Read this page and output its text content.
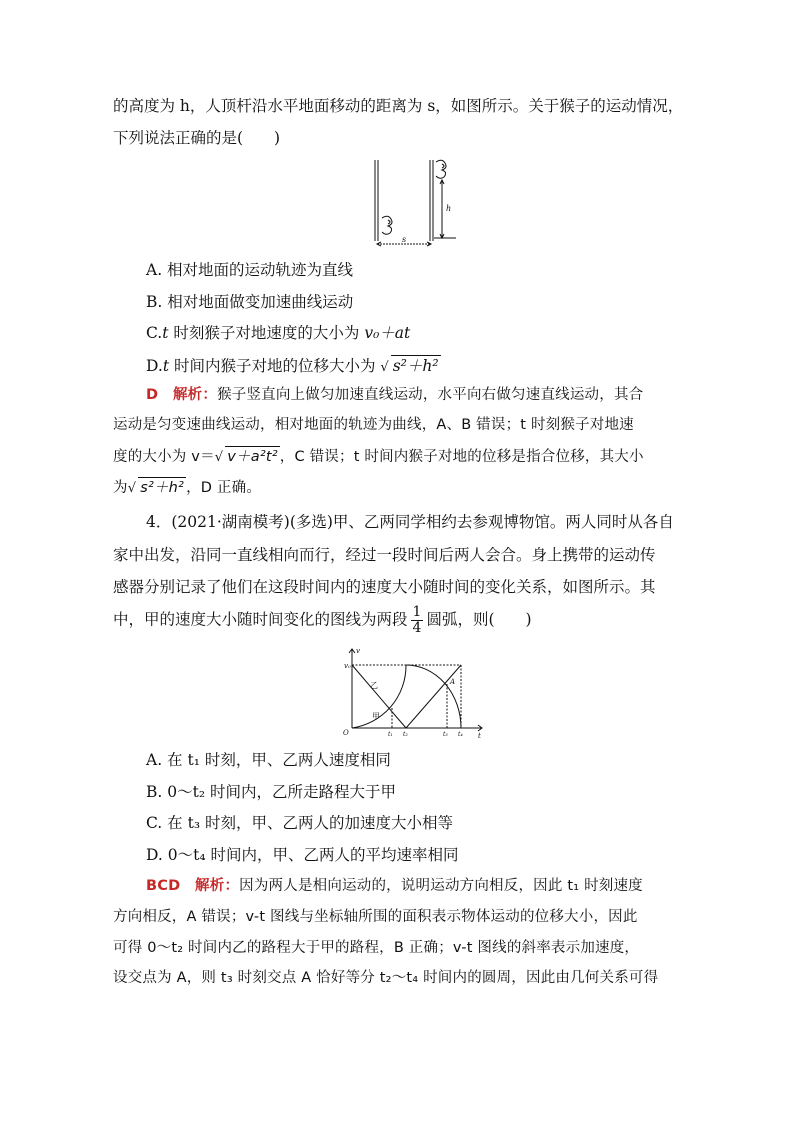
的高度为 h，人顶杆沿水平地面移动的距离为 s，如图所示。关于猴子的运动情况，
下列说法正确的是(　　)
h
s
A. 相对地面的运动轨迹为直线
B. 相对地面做变加速曲线运动
C.t 时刻猴子对地速度的大小为 v₀＋at
D.t 时间内猴子对地的位移大小为 √ s²＋h²
D　 解析：猴子竖直向上做匀加速直线运动，水平向右做匀速直线运动，其合
运动是匀变速曲线运动，相对地面的轨迹为曲线，A、B 错误；t 时刻猴子对地速
度的大小为 v＝√ v＋a²t² ，C 错误；t 时间内猴子对地的位移是指合位移，其大小
为√ s²＋h² ，D 正确。
4．(2021·湖南模考)(多选)甲、乙两同学相约去参观博物馆。两人同时从各自
家中出发，沿同一直线相向而行，经过一段时间后两人会合。身上携带的运动传
感器分别记录了他们在这段时间内的速度大小随时间的变化关系，如图所示。其
中，甲的速度大小随时间变化的图线为两段 $\frac{1}{4}$ 圆弧，则(　　)
v₀
v
t
O
乙
甲
A
t₁ t₂	t₃ t₄
A. 在 t₁ 时刻，甲、乙两人速度相同
B. 0～t₂ 时间内，乙所走路程大于甲
C. 在 t₃ 时刻，甲、乙两人的加速度大小相等
D. 0～t₄ 时间内，甲、乙两人的平均速率相同
BCD　 解析：因为两人是相向运动的，说明运动方向相反，因此 t₁ 时刻速度
方向相反，A 错误；v-t 图线与坐标轴所围的面积表示物体运动的位移大小，因此
可得 0～t₂ 时间内乙的路程大于甲的路程，B 正确；v-t 图线的斜率表示加速度，
设交点为 A，则 t₃ 时刻交点 A 恰好等分 t₂～t₄ 时间内的圆周，因此由几何关系可得
